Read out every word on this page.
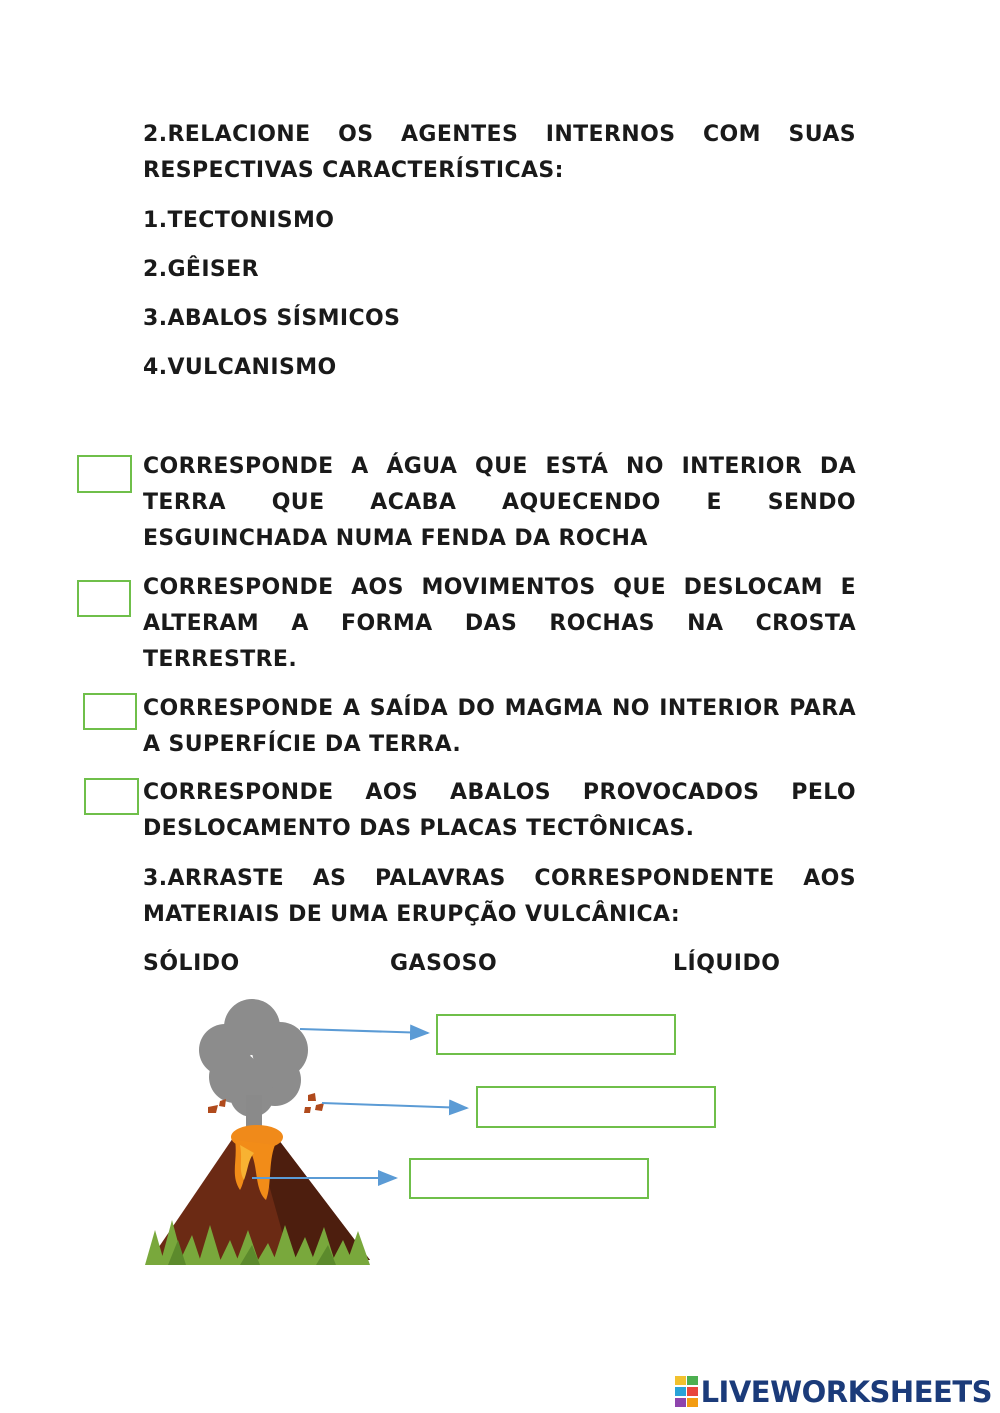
2.RELACIONE OS AGENTES INTERNOS COM SUAS RESPECTIVAS CARACTERÍSTICAS:

1.TECTONISMO

2.GÊISER

3.ABALOS SÍSMICOS

4.VULCANISMO

CORRESPONDE A ÁGUA QUE ESTÁ NO INTERIOR DA TERRA QUE ACABA AQUECENDO E SENDO ESGUINCHADA NUMA FENDA DA ROCHA

CORRESPONDE AOS MOVIMENTOS QUE DESLOCAM E ALTERAM A FORMA DAS ROCHAS NA CROSTA TERRESTRE.

CORRESPONDE A SAÍDA DO MAGMA NO INTERIOR PARA A SUPERFÍCIE DA TERRA.

CORRESPONDE AOS ABALOS PROVOCADOS PELO DESLOCAMENTO DAS PLACAS TECTÔNICAS.

3.ARRASTE AS PALAVRAS CORRESPONDENTE AOS MATERIAIS DE UMA ERUPÇÃO VULCÂNICA:

SÓLIDO	GASOSO	LÍQUIDO
LIVEWORKSHEETS
